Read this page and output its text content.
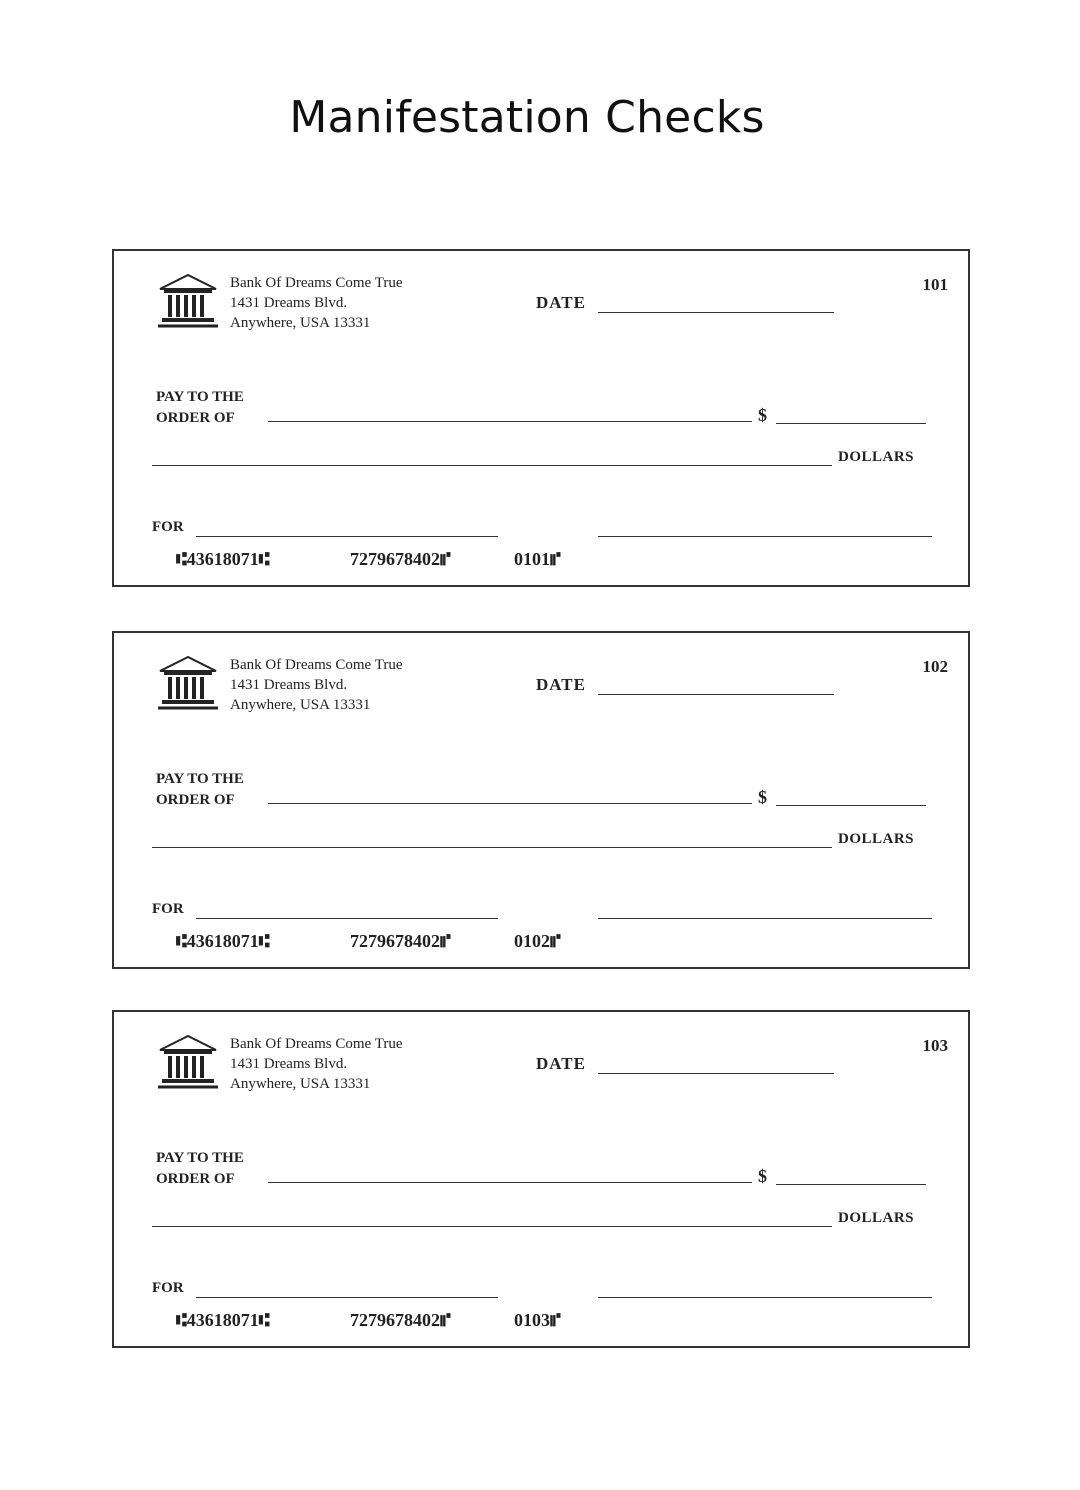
Manifestation Checks
Bank Of Dreams Come True
1431 Dreams Blvd.
Anywhere, USA 13331
101
DATE
PAY TO THE
ORDER OF	$
DOLLARS
FOR
⑆43618071⑆	7279678402⑈	0101⑈
Bank Of Dreams Come True
1431 Dreams Blvd.
Anywhere, USA 13331
102
DATE
PAY TO THE
ORDER OF	$
DOLLARS
FOR
⑆43618071⑆	7279678402⑈	0102⑈
Bank Of Dreams Come True
1431 Dreams Blvd.
Anywhere, USA 13331
103
DATE
PAY TO THE
ORDER OF	$
DOLLARS
FOR
⑆43618071⑆	7279678402⑈	0103⑈
